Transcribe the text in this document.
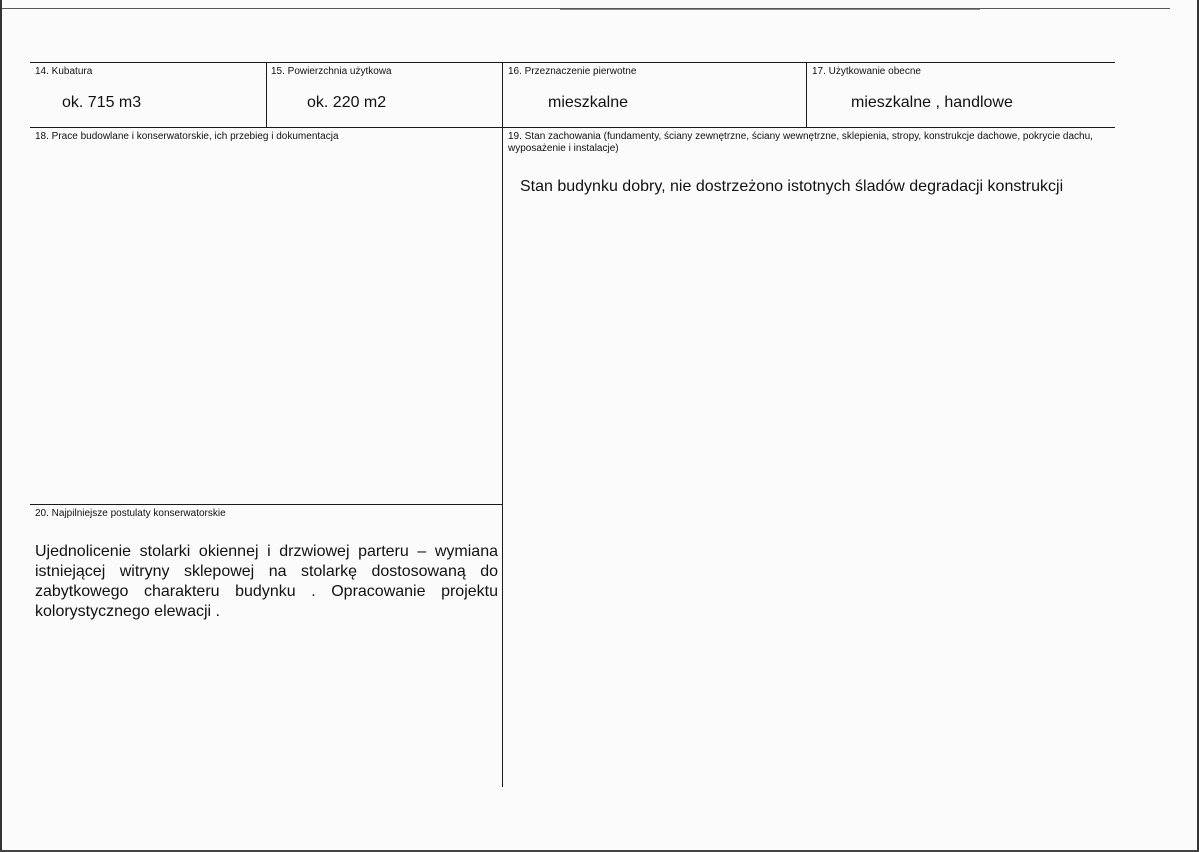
14. Kubatura
ok. 715 m3
15. Powierzchnia użytkowa
ok. 220 m2
16. Przeznaczenie pierwotne
mieszkalne
17. Użytkowanie obecne
mieszkalne , handlowe
18. Prace budowlane i konserwatorskie, ich przebieg i dokumentacja	19. Stan zachowania (fundamenty, ściany zewnętrzne, ściany wewnętrzne, sklepienia, stropy, konstrukcje dachowe, pokrycie dachu, wyposażenie i instalacje)
Stan budynku dobry, nie dostrzeżono istotnych śladów degradacji konstrukcji
20. Najpilniejsze postulaty konserwatorskie
Ujednolicenie stolarki okiennej i drzwiowej parteru – wymiana istniejącej witryny sklepowej na stolarkę dostosowaną do zabytkowego charakteru budynku . Opracowanie projektu kolorystycznego elewacji .
